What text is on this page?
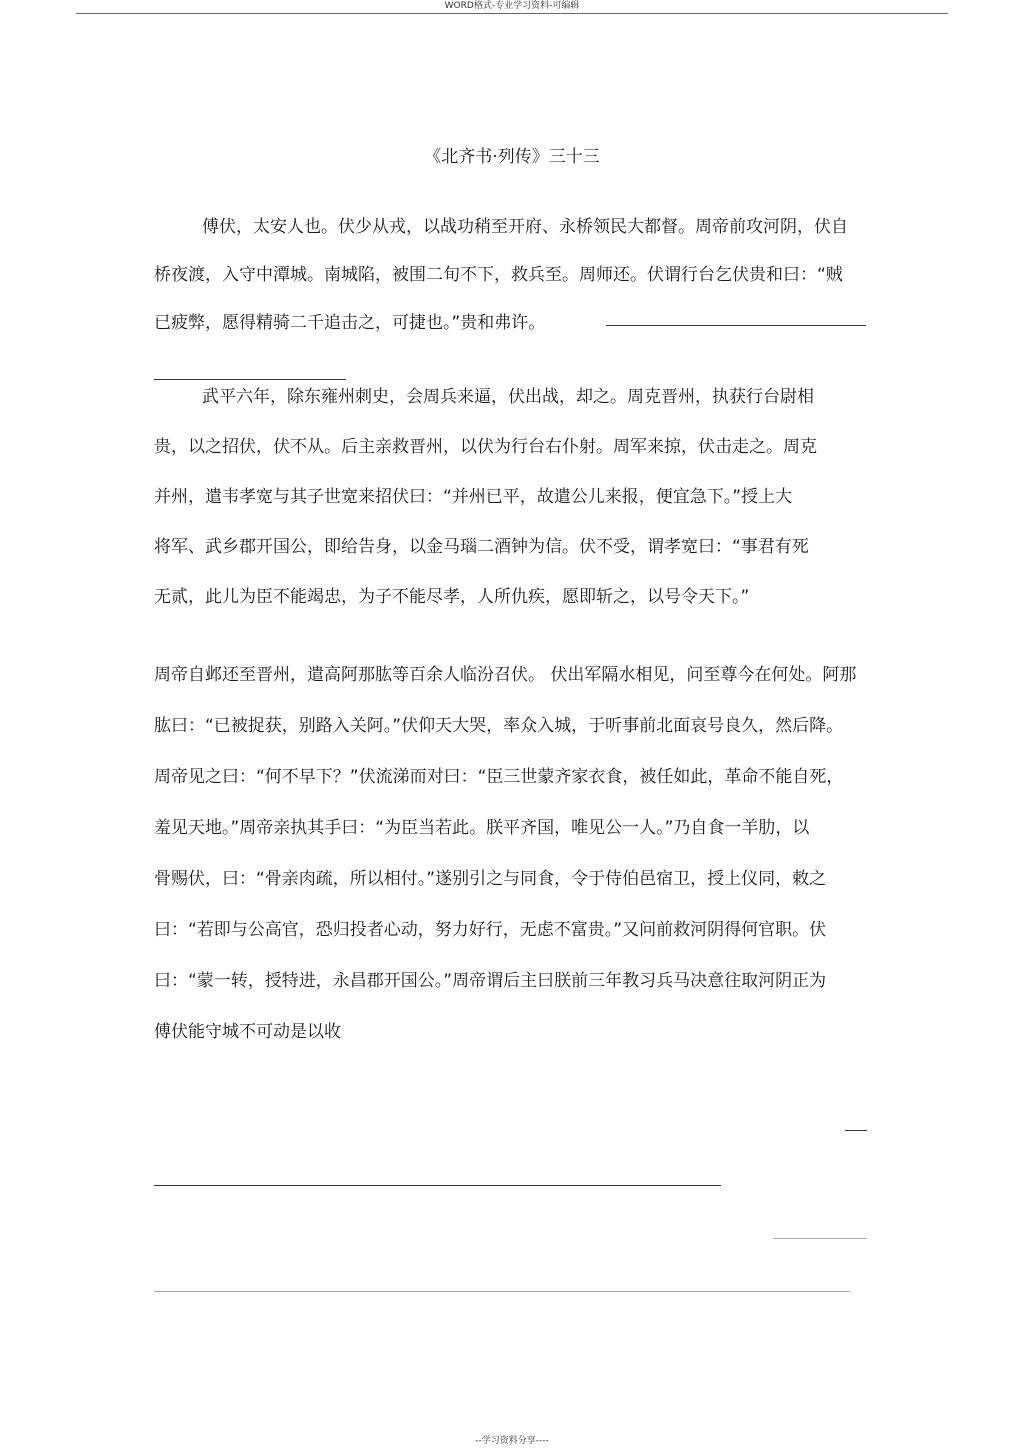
WORD格式-专业学习资料-可编辑
《北齐书·列传》三十三
傅伏，太安人也。伏少从戎，以战功稍至开府、永桥领民大都督。周帝前攻河阴，伏自
桥夜渡，入守中潭城。南城陷，被围二旬不下，救兵至。周师还。伏谓行台乞伏贵和曰：“贼
已疲弊，愿得精骑二千追击之，可捷也。”贵和弗许。
武平六年，除东雍州刺史，会周兵来逼，伏出战，却之。周克晋州，执获行台尉相
贵，以之招伏，伏不从。后主亲救晋州，以伏为行台右仆射。周军来掠，伏击走之。周克
并州，遣韦孝宽与其子世宽来招伏曰：“并州已平，故遣公儿来报，便宜急下。”授上大
将军、武乡郡开国公，即给告身，以金马瑙二酒钟为信。伏不受，谓孝宽曰：“事君有死
无贰，此儿为臣不能竭忠，为子不能尽孝，人所仇疾，愿即斩之，以号令天下。”
周帝自邺还至晋州，遣高阿那肱等百余人临汾召伏。 伏出军隔水相见，问至尊今在何处。阿那
肱曰：“已被捉获，别路入关阿。”伏仰天大哭，率众入城，于听事前北面哀号良久，然后降。
周帝见之曰：“何不早下？”伏流涕而对曰：“臣三世蒙齐家衣食，被任如此，革命不能自死，
羞见天地。”周帝亲执其手曰：“为臣当若此。朕平齐国，唯见公一人。”乃自食一羊肋，以
骨赐伏，曰：“骨亲肉疏，所以相付。”遂别引之与同食，令于侍伯邑宿卫，授上仪同，敕之
曰：“若即与公高官，恐归投者心动，努力好行，无虑不富贵。”又问前救河阴得何官职。伏
曰：“蒙一转，授特进，永昌郡开国公。”周帝谓后主曰朕前三年教习兵马决意往取河阴正为
傅伏能守城不可动是以收
--学习资料分享----
